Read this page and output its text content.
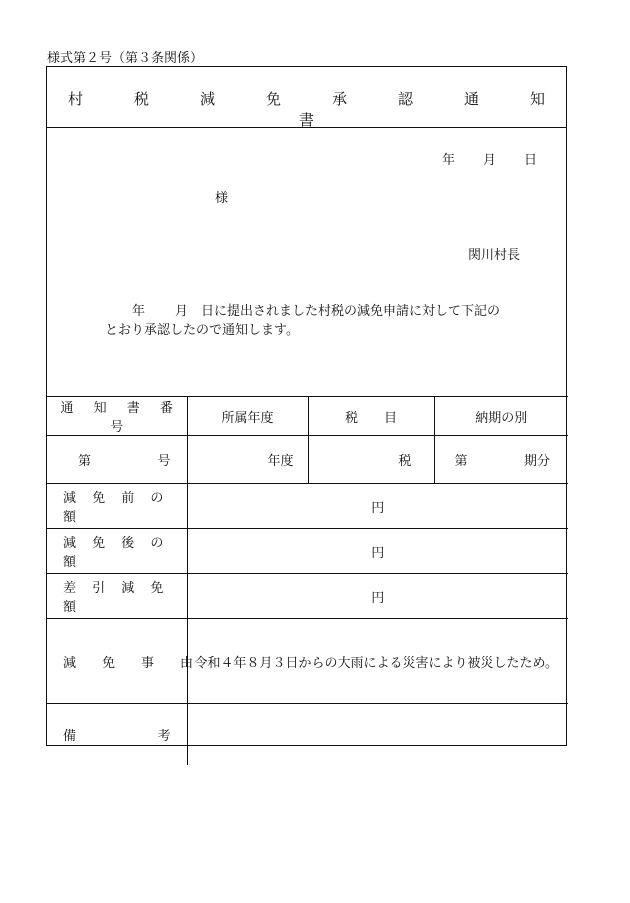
様式第２号（第３条関係）
村　税　減　免　承　認　通　知　書
年 月 日
様
関川村長
年 月 日に提出されました村税の減免申請に対して下記の
とおり承認したので通知します。
通 知 書 番 号	所属年度	税　　目	納期の別

第 号	年度	税	第 期分

減 免 前 の 額	円		
減 免 後 の 額	円		
差 引 減 免 額	円		
減　　免　　事　　由	令和４年８月３日からの大雨による災害により被災したため。		

備 考			
